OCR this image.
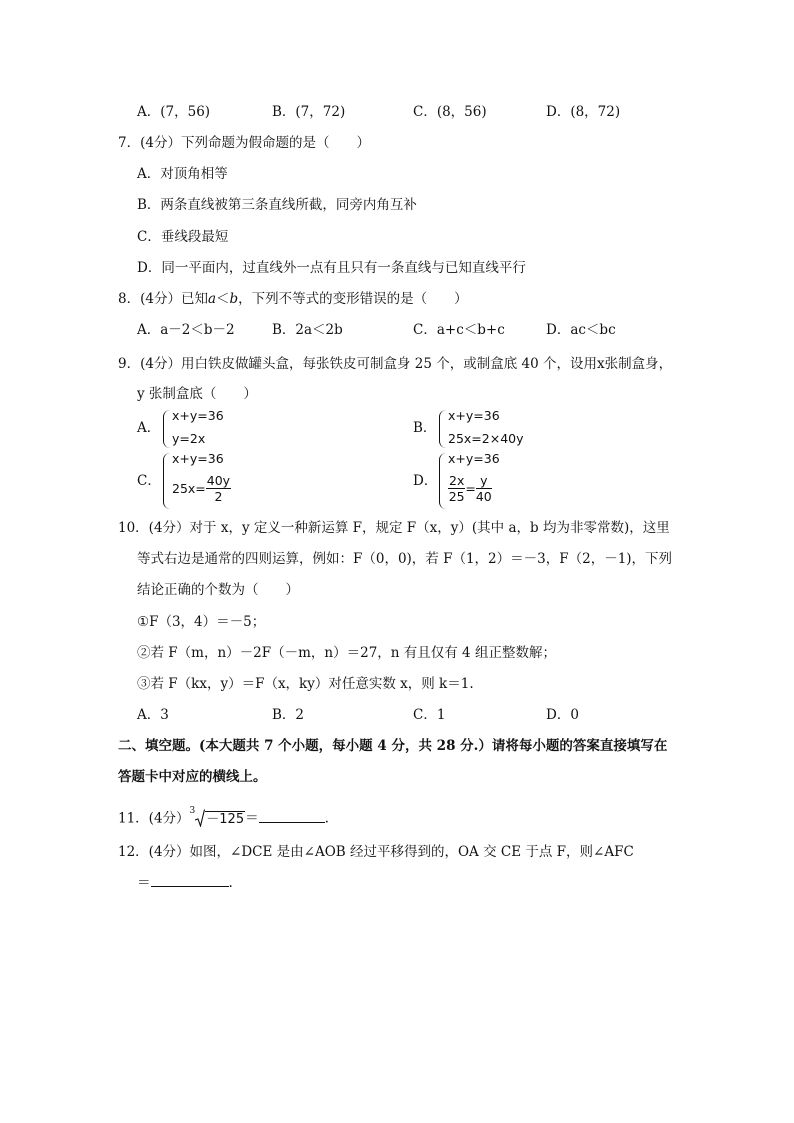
A．(7，56)	B．(7，72)	C．(8，56)	D．(8，72)
7．(4分）下列命题为假命题的是（　　）
A．对顶角相等
B．两条直线被第三条直线所截，同旁内角互补
C．垂线段最短
D．同一平面内，过直线外一点有且只有一条直线与已知直线平行
8．(4分）已知a＜b，下列不等式的变形错误的是（　　）
A．a－2＜b－2	B．2a＜2b	C．a+c＜b+c	D．ac＜bc
9．(4分）用白铁皮做罐头盒，每张铁皮可制盒身 25 个，或制盒底 40 个，设用x张制盒身，
y 张制盒底（　　）
A．
x+y=36
y=2x
B．
x+y=36
25x=2×40y
C．
x+y=36
$25x= \frac{40y}{2}$	D．
x+y=36
$\frac{2x}{25} = \frac{y}{40}$
10．(4分）对于 x，y 定义一种新运算 F，规定 F（x，y）(其中 a，b 均为非零常数)，这里
等式右边是通常的四则运算，例如：F（0，0)，若 F（1，2）＝－3，F（2，－1)，下列
结论正确的个数为（　　）
①F（3，4）＝－5；
②若 F（m，n）－2F（－m，n）＝27，n 有且仅有 4 组正整数解；
③若 F（kx，y）＝F（x，ky）对任意实数 x，则 k＝1.
A．3	B．2	C．1	D．0
二、填空题。(本大题共 7 个小题，每小题 4 分，共 28 分.）请将每小题的答案直接填写在
答题卡中对应的横线上。
11．(4分）$^3$－125＝	.
12．(4分）如图，∠DCE 是由∠AOB 经过平移得到的，OA 交 CE 于点 F，则∠AFC
＝	.
